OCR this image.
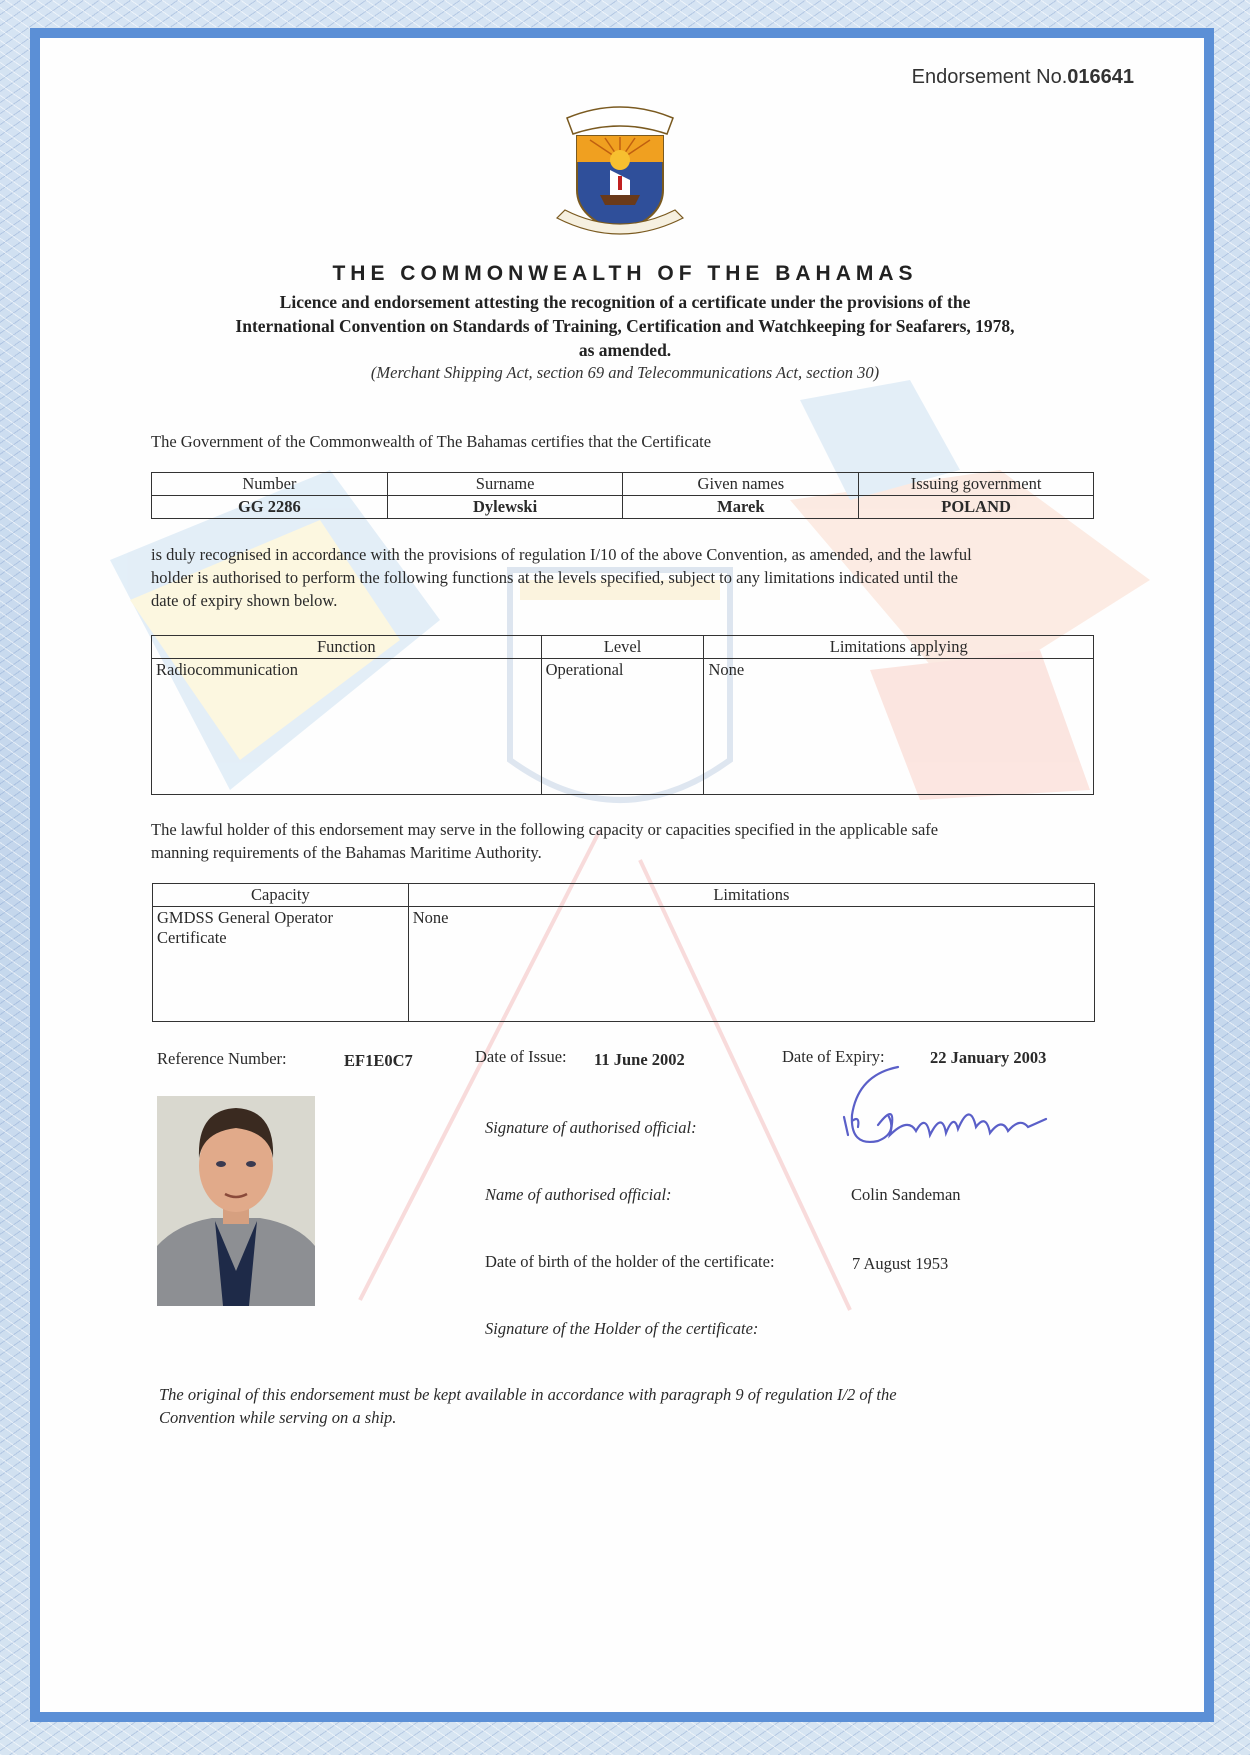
Endorsement No.016641
THE COMMONWEALTH OF THE BAHAMAS
Licence and endorsement attesting the recognition of a certificate under the provisions of the
International Convention on Standards of Training, Certification and Watchkeeping for Seafarers, 1978,
as amended.
(Merchant Shipping Act, section 69 and Telecommunications Act, section 30)
The Government of the Commonwealth of The Bahamas certifies that the Certificate
Number	Surname	Given names	Issuing government
GG 2286	Dylewski	Marek	POLAND
is duly recognised in accordance with the provisions of regulation I/10 of the above Convention, as amended, and the lawful
holder is authorised to perform the following functions at the levels specified, subject to any limitations indicated until the
date of expiry shown below.
Function	Level	Limitations applying
Radiocommunication	Operational	None
The lawful holder of this endorsement may serve in the following capacity or capacities specified in the applicable safe
manning requirements of the Bahamas Maritime Authority.
Capacity	Limitations

GMDSS General Operator
Certificate	None
Reference Number:	EF1E0C7	Date of Issue: 11 June 2002	Date of Expiry:	22 January 2003
Signature of authorised official:
Name of authorised official:	Colin Sandeman
Date of birth of the holder of the certificate:	7 August 1953
Signature of the Holder of the certificate:
The original of this endorsement must be kept available in accordance with paragraph 9 of regulation I/2 of the
Convention while serving on a ship.
